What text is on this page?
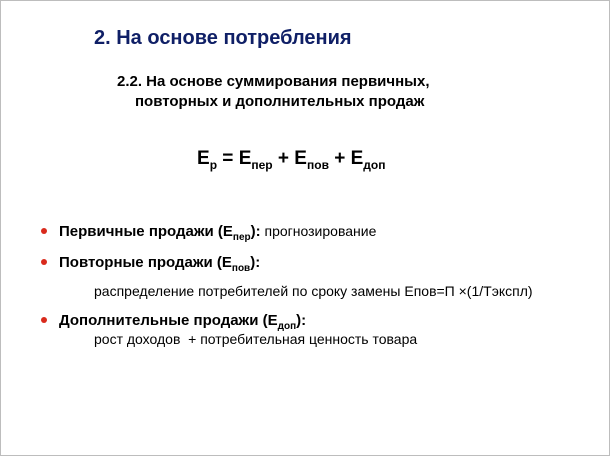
2. На основе потребления
2.2. На основе суммирования первичных,
повторных и дополнительных продаж
$Е_р = Е_{пер} + Е_{пов} + Е_{доп}$
Первичные продажи $(Е_{пер})$: прогнозирование
Повторные продажи $(Е_{пов})$:
распределение потребителей по сроку замены Епов=П ×(1/Тэкспл)
Дополнительные продажи $(Е_{доп})$:
рост доходов  + потребительная ценность товара
